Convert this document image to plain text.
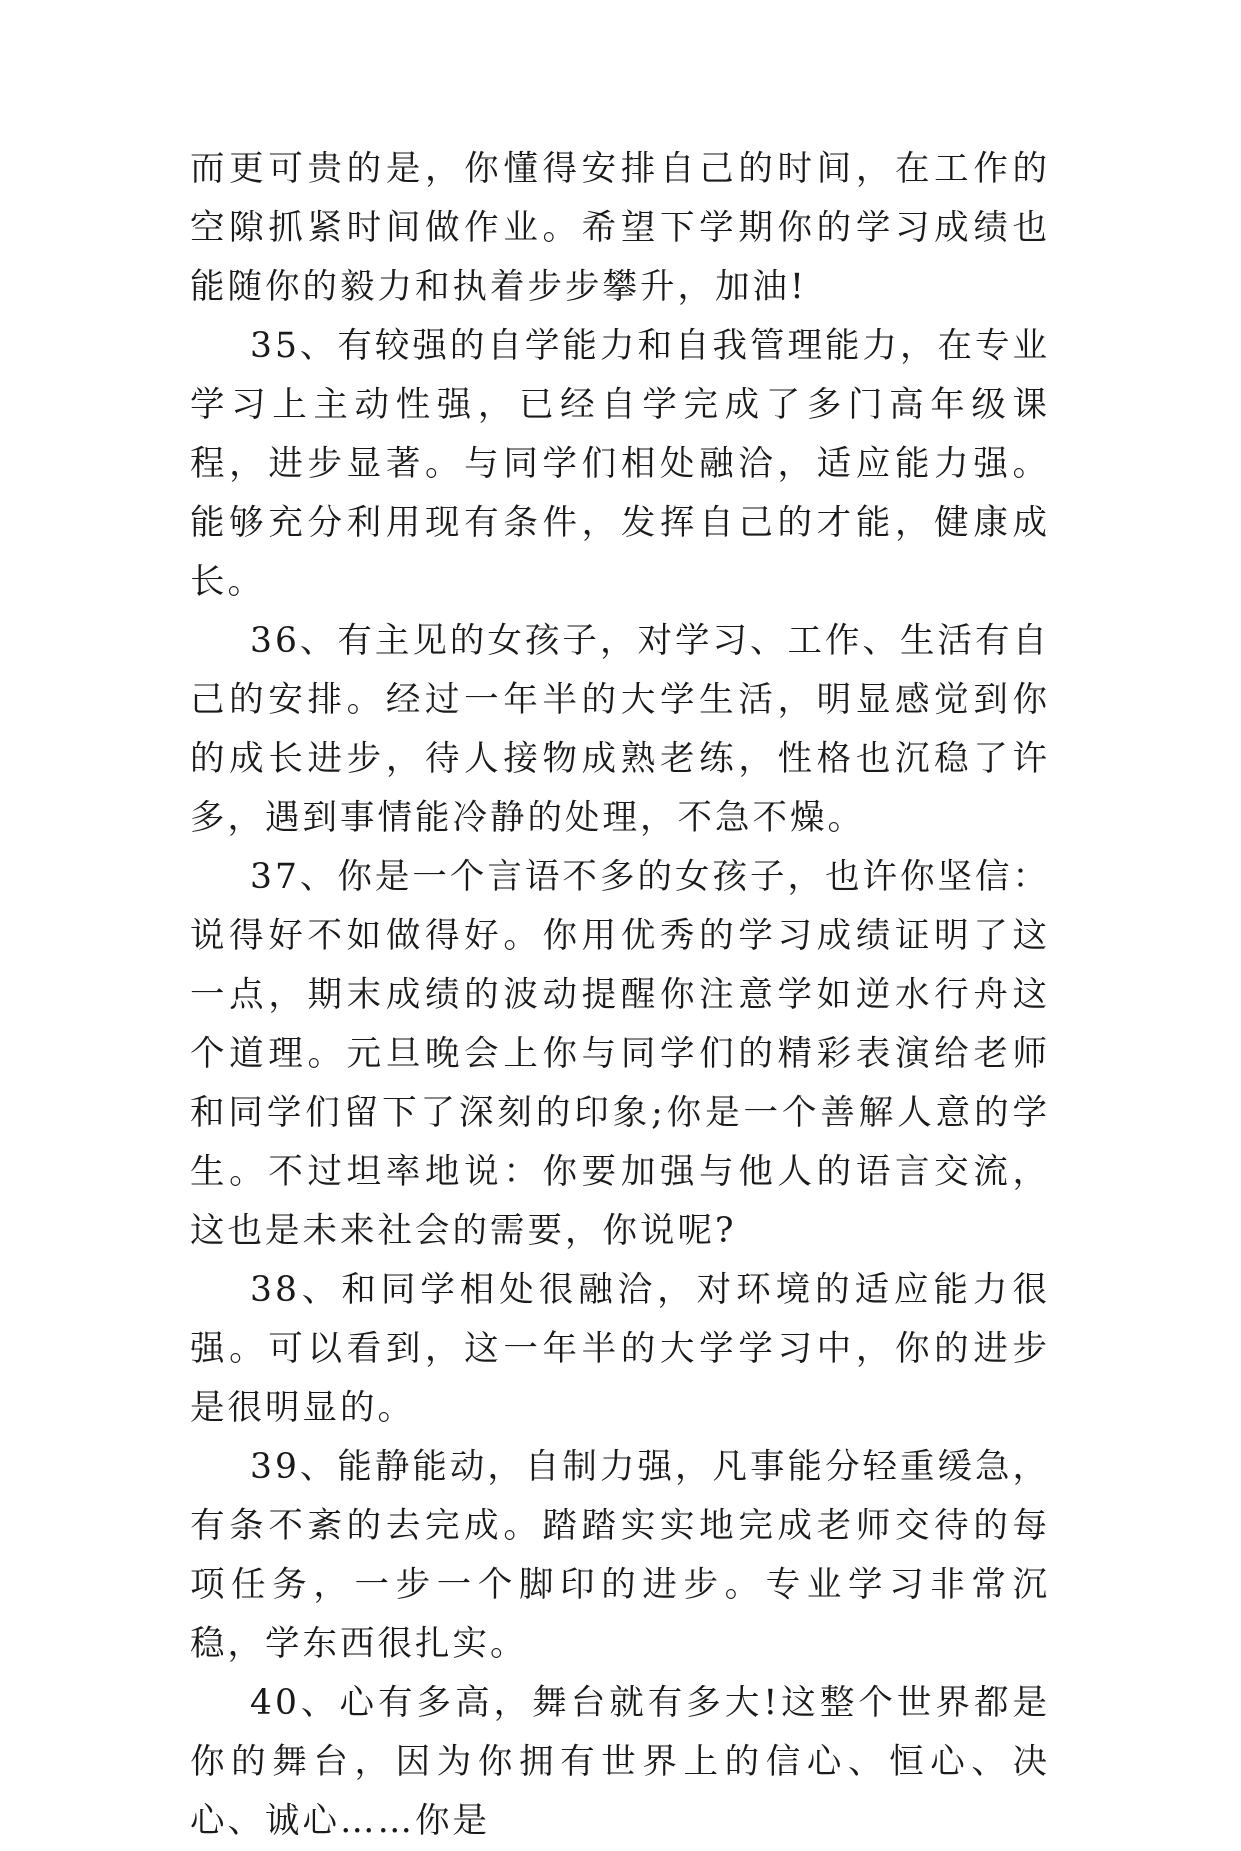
而更可贵的是，你懂得安排自己的时间，在工作的空隙抓紧时间做作业。希望下学期你的学习成绩也能随你的毅力和执着步步攀升，加油!

35、有较强的自学能力和自我管理能力，在专业学习上主动性强，已经自学完成了多门高年级课程，进步显著。与同学们相处融洽，适应能力强。能够充分利用现有条件，发挥自己的才能，健康成长。

36、有主见的女孩子，对学习、工作、生活有自己的安排。经过一年半的大学生活，明显感觉到你的成长进步，待人接物成熟老练，性格也沉稳了许多，遇到事情能冷静的处理，不急不燥。

37、你是一个言语不多的女孩子，也许你坚信：说得好不如做得好。你用优秀的学习成绩证明了这一点，期末成绩的波动提醒你注意学如逆水行舟这个道理。元旦晚会上你与同学们的精彩表演给老师和同学们留下了深刻的印象;你是一个善解人意的学生。不过坦率地说：你要加强与他人的语言交流，这也是未来社会的需要，你说呢?

38、和同学相处很融洽，对环境的适应能力很强。可以看到，这一年半的大学学习中，你的进步是很明显的。

39、能静能动，自制力强，凡事能分轻重缓急，有条不紊的去完成。踏踏实实地完成老师交待的每项任务，一步一个脚印的进步。专业学习非常沉稳，学东西很扎实。

40、心有多高，舞台就有多大!这整个世界都是你的舞台，因为你拥有世界上的信心、恒心、决心、诚心……你是
